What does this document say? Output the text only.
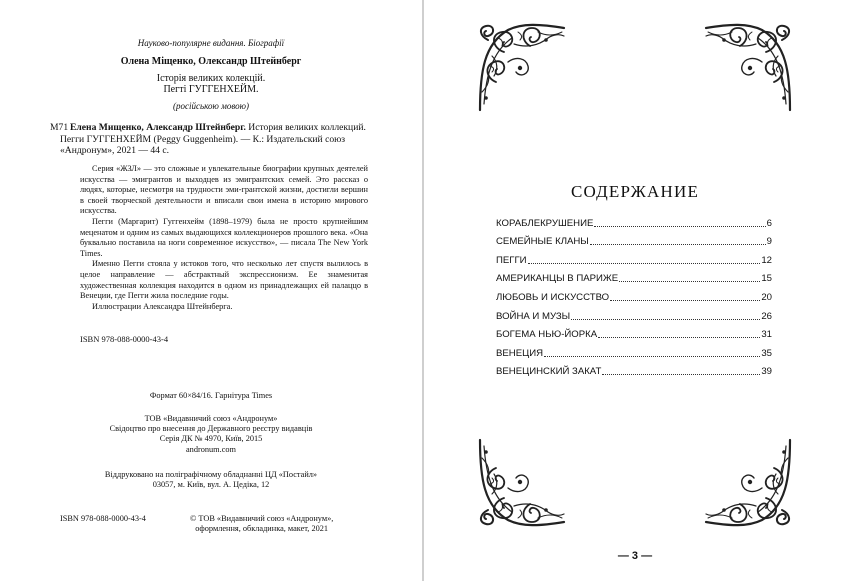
Науково-популярне видання. Біографії
Олена Міщенко, Олександр Штейнберг
Історія великих колекцій.
Пегті ГУГГЕНХЕЙМ.
(російською мовою)
М71 Елена Мищенко, Александр Штейнберг. История великих коллекций. Пегги ГУГГЕНХЕЙМ (Peggy Guggenheim). — К.: Издательский союз «Андронум», 2021 — 44 с.

Серия «ЖЗЛ» — это сложные и увлекательные биографии крупных деятелей искусства — эмигрантов и выходцев из эмигрантских семей. Это рассказ о людях, которые, несмотря на трудности эми-грантской жизни, достигли вершин в своей творческой деятельности и вписали свои имена в историю мирового искусства.

Пегги (Маргарит) Гуггенхейм (1898–1979) была не просто крупнейшим меценатом и одним из самых выдающихся коллекционеров прошлого века. «Она буквально поставила на ноги современное искусство», — писала The New York Times.

Именно Пегги стояла у истоков того, что несколько лет спустя вылилось в целое направление — абстрактный экспрессионизм. Ее знаменитая художественная коллекция находится в одном из принадлежащих ей палаццо в Венеции, где Пегги жила последние годы.

Иллюстрации Александра Штейнберга.

ISBN 978-088-0000-43-4
Формат 60×84/16. Гарнітура Times
ТОВ «Видавничий союз «Андронум»
Свідоцтво про внесення до Державного реєстру видавців
Серія ДК № 4970, Київ, 2015
andronum.com
Віддруковано на поліграфічному обладнанні ЦД «Постайл»
03057, м. Київ, вул. А. Цедіка, 12
ISBN 978-088-0000-43-4	© ТОВ «Видавничий союз «Андронум»,
оформлення, обкладинка, макет, 2021
СОДЕРЖАНИЕ
КОРАБЛЕКРУШЕНИЕ	6
СЕМЕЙНЫЕ КЛАНЫ	9
ПЕГГИ	12
АМЕРИКАНЦЫ В ПАРИЖЕ	15
ЛЮБОВЬ И ИСКУССТВО	20
ВОЙНА И МУЗЫ	26
БОГЕМА НЬЮ-ЙОРКА	31
ВЕНЕЦИЯ	35
ВЕНЕЦИНСКИЙ ЗАКАТ	39
— 3 —
